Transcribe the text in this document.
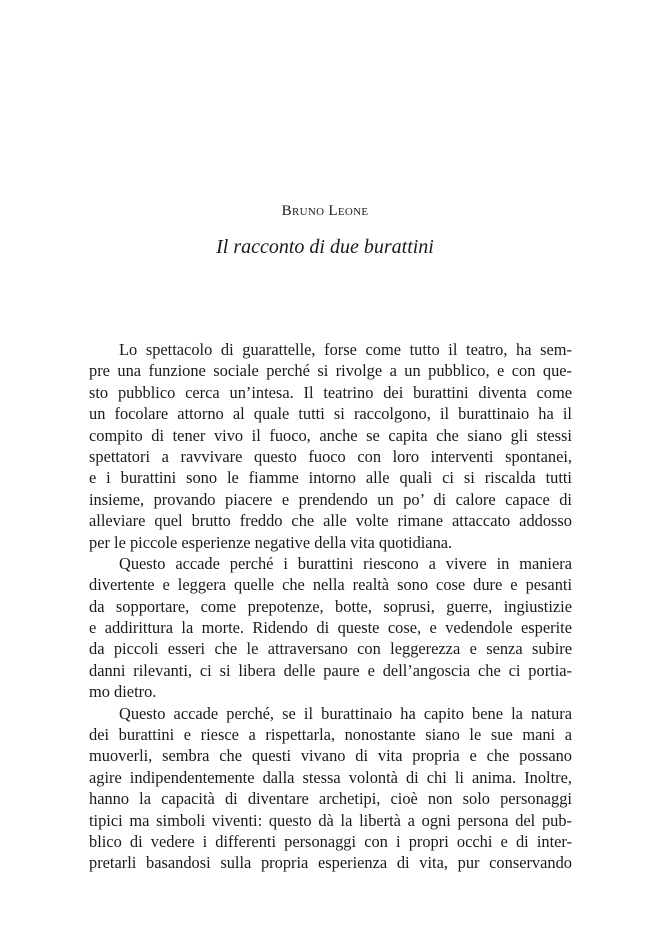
Bruno Leone
Il racconto di due burattini
Lo spettacolo di guarattelle, forse come tutto il teatro, ha sem-
pre una funzione sociale perché si rivolge a un pubblico, e con que-
sto pubblico cerca un’intesa. Il teatrino dei burattini diventa come
un focolare attorno al quale tutti si raccolgono, il burattinaio ha il
compito di tener vivo il fuoco, anche se capita che siano gli stessi
spettatori a ravvivare questo fuoco con loro interventi spontanei,
e i burattini sono le fiamme intorno alle quali ci si riscalda tutti
insieme, provando piacere e prendendo un po’ di calore capace di
alleviare quel brutto freddo che alle volte rimane attaccato addosso
per le piccole esperienze negative della vita quotidiana.
Questo accade perché i burattini riescono a vivere in maniera
divertente e leggera quelle che nella realtà sono cose dure e pesanti
da sopportare, come prepotenze, botte, soprusi, guerre, ingiustizie
e addirittura la morte. Ridendo di queste cose, e vedendole esperite
da piccoli esseri che le attraversano con leggerezza e senza subire
danni rilevanti, ci si libera delle paure e dell’angoscia che ci portia-
mo dietro.
Questo accade perché, se il burattinaio ha capito bene la natura
dei burattini e riesce a rispettarla, nonostante siano le sue mani a
muoverli, sembra che questi vivano di vita propria e che possano
agire indipendentemente dalla stessa volontà di chi li anima. Inoltre,
hanno la capacità di diventare archetipi, cioè non solo personaggi
tipici ma simboli viventi: questo dà la libertà a ogni persona del pub-
blico di vedere i differenti personaggi con i propri occhi e di inter-
pretarli basandosi sulla propria esperienza di vita, pur conservando
